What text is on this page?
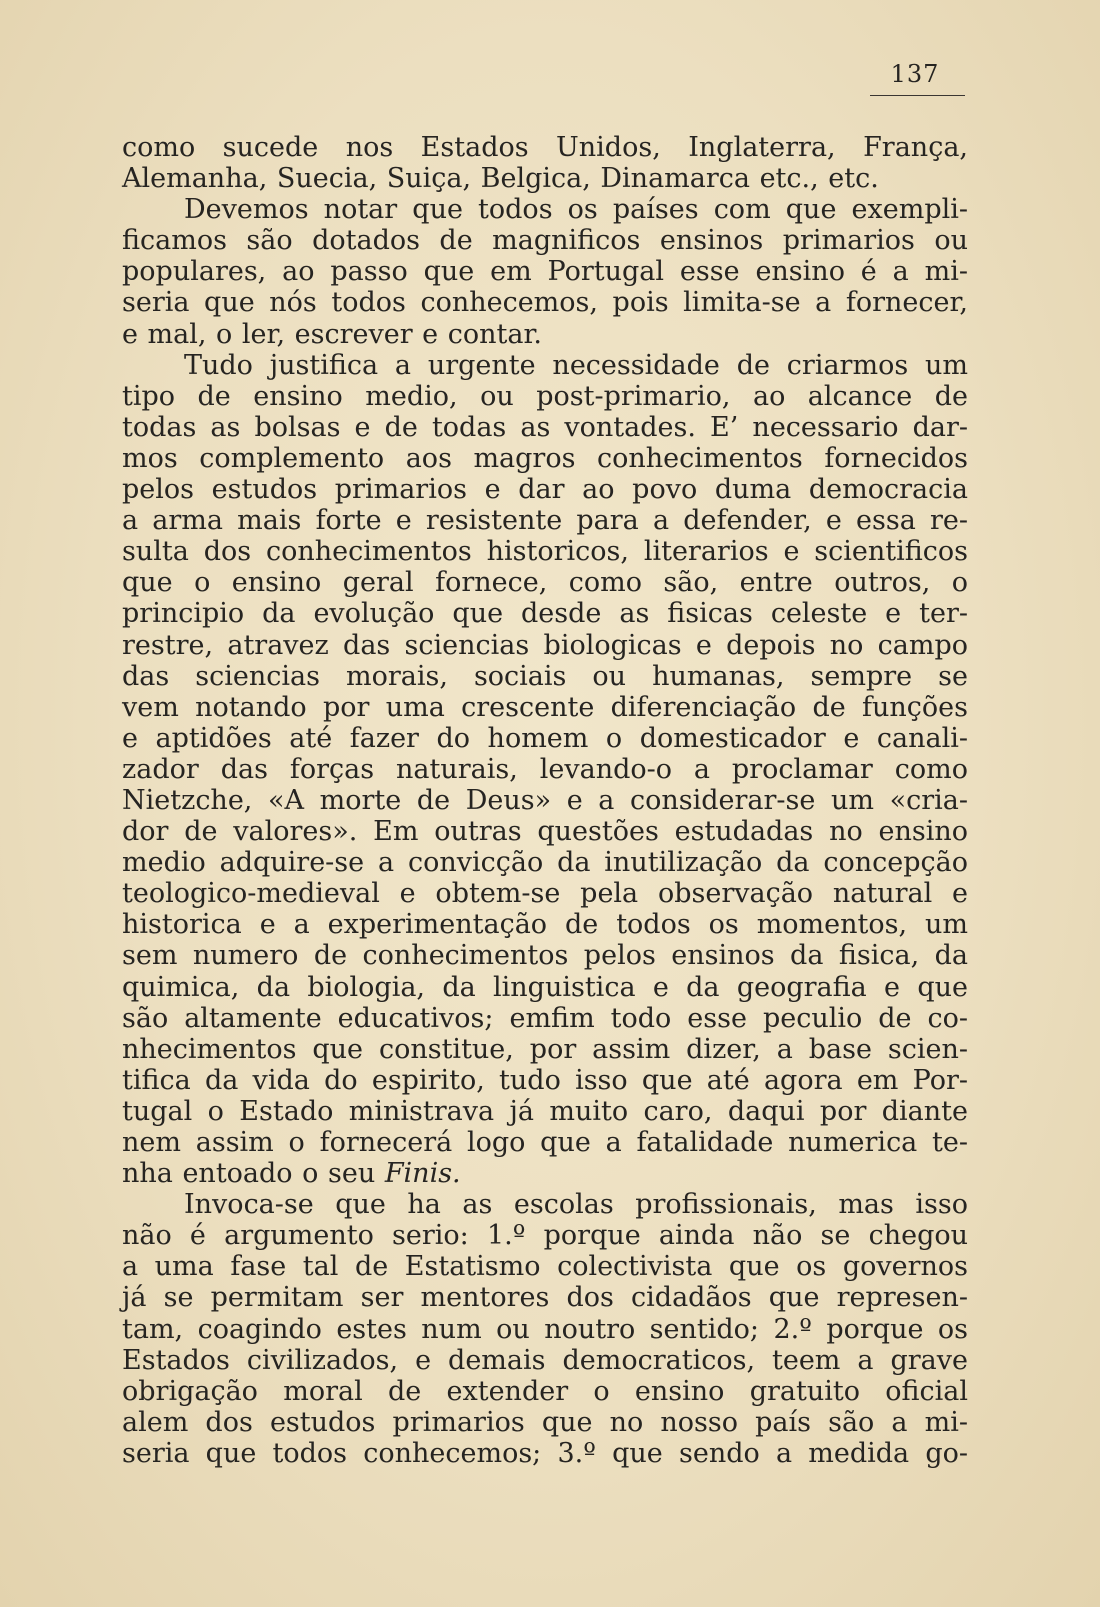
137
como sucede nos Estados Unidos, Inglaterra, França,
Alemanha, Suecia, Suiça, Belgica, Dinamarca etc., etc.
Devemos notar que todos os países com que exempli-
ficamos são dotados de magnificos ensinos primarios ou
populares, ao passo que em Portugal esse ensino é a mi-
seria que nós todos conhecemos, pois limita-se a fornecer,
e mal, o ler, escrever e contar.
Tudo justifica a urgente necessidade de criarmos um
tipo de ensino medio, ou post-primario, ao alcance de
todas as bolsas e de todas as vontades. E’ necessario dar-
mos complemento aos magros conhecimentos fornecidos
pelos estudos primarios e dar ao povo duma democracia
a arma mais forte e resistente para a defender, e essa re-
sulta dos conhecimentos historicos, literarios e scientificos
que o ensino geral fornece, como são, entre outros, o
principio da evolução que desde as fisicas celeste e ter-
restre, atravez das sciencias biologicas e depois no campo
das sciencias morais, sociais ou humanas, sempre se
vem notando por uma crescente diferenciação de funções
e aptidões até fazer do homem o domesticador e canali-
zador das forças naturais, levando-o a proclamar como
Nietzche, «A morte de Deus» e a considerar-se um «cria-
dor de valores». Em outras questões estudadas no ensino
medio adquire-se a convicção da inutilização da concepção
teologico-medieval e obtem-se pela observação natural e
historica e a experimentação de todos os momentos, um
sem numero de conhecimentos pelos ensinos da fisica, da
quimica, da biologia, da linguistica e da geografia e que
são altamente educativos; emfim todo esse peculio de co-
nhecimentos que constitue, por assim dizer, a base scien-
tifica da vida do espirito, tudo isso que até agora em Por-
tugal o Estado ministrava já muito caro, daqui por diante
nem assim o fornecerá logo que a fatalidade numerica te-
nha entoado o seu Finis.
Invoca-se que ha as escolas profissionais, mas isso
não é argumento serio: 1.º porque ainda não se chegou
a uma fase tal de Estatismo colectivista que os governos
já se permitam ser mentores dos cidadãos que represen-
tam, coagindo estes num ou noutro sentido; 2.º porque os
Estados civilizados, e demais democraticos, teem a grave
obrigação moral de extender o ensino gratuito oficial
alem dos estudos primarios que no nosso país são a mi-
seria que todos conhecemos; 3.º que sendo a medida go-
